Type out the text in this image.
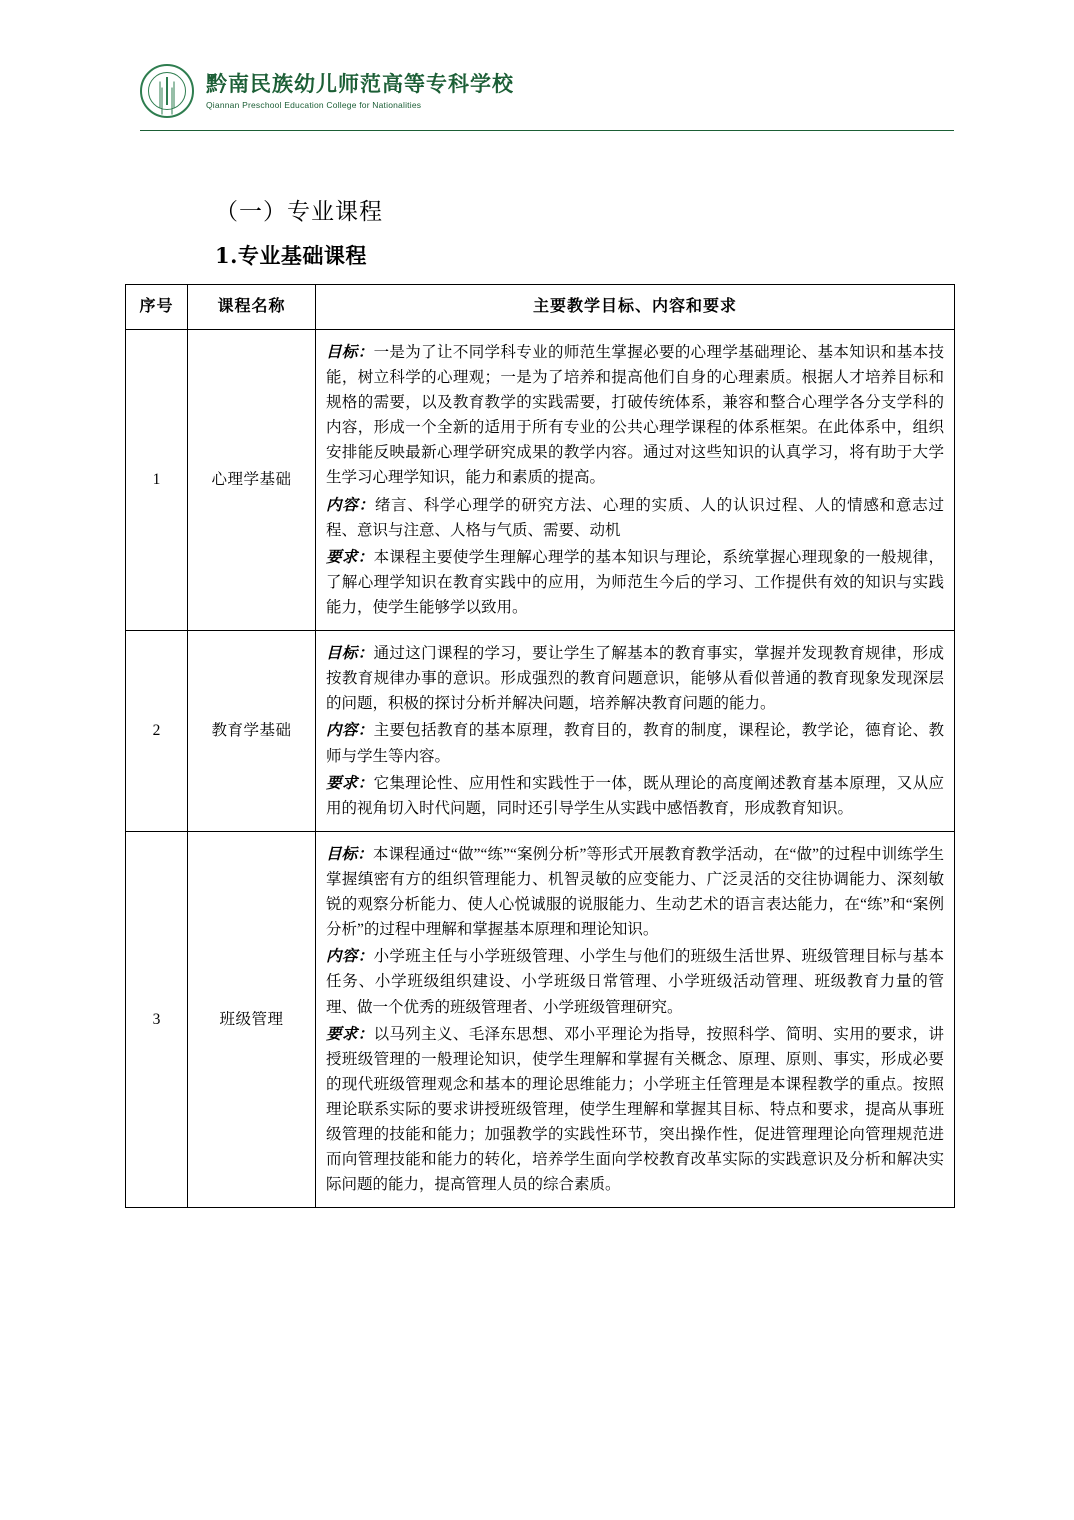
黔南民族幼儿师范高等专科学校
Qiannan Preschool Education College for Nationalities
（一）专业课程
1.专业基础课程
序号	课程名称	主要教学目标、内容和要求
1	心理学基础	目标：一是为了让不同学科专业的师范生掌握必要的心理学基础理论、基本知识和基本技能，树立科学的心理观；一是为了培养和提高他们自身的心理素质。根据人才培养目标和规格的需要，以及教育教学的实践需要，打破传统体系，兼容和整合心理学各分支学科的内容，形成一个全新的适用于所有专业的公共心理学课程的体系框架。在此体系中，组织安排能反映最新心理学研究成果的教学内容。通过对这些知识的认真学习，将有助于大学生学习心理学知识，能力和素质的提高。

内容：绪言、科学心理学的研究方法、心理的实质、人的认识过程、人的情感和意志过程、意识与注意、人格与气质、需要、动机

要求：本课程主要使学生理解心理学的基本知识与理论，系统掌握心理现象的一般规律，了解心理学知识在教育实践中的应用，为师范生今后的学习、工作提供有效的知识与实践能力，使学生能够学以致用。

2	教育学基础	目标：通过这门课程的学习，要让学生了解基本的教育事实，掌握并发现教育规律，形成按教育规律办事的意识。形成强烈的教育问题意识，能够从看似普通的教育现象发现深层的问题，积极的探讨分析并解决问题，培养解决教育问题的能力。

内容：主要包括教育的基本原理，教育目的，教育的制度，课程论，教学论，德育论、教师与学生等内容。

要求：它集理论性、应用性和实践性于一体，既从理论的高度阐述教育基本原理，又从应用的视角切入时代问题，同时还引导学生从实践中感悟教育，形成教育知识。

3	班级管理	目标：本课程通过“做”“练”“案例分析”等形式开展教育教学活动，在“做”的过程中训练学生掌握缜密有方的组织管理能力、机智灵敏的应变能力、广泛灵活的交往协调能力、深刻敏锐的观察分析能力、使人心悦诚服的说服能力、生动艺术的语言表达能力，在“练”和“案例分析”的过程中理解和掌握基本原理和理论知识。

内容：小学班主任与小学班级管理、小学生与他们的班级生活世界、班级管理目标与基本任务、小学班级组织建设、小学班级日常管理、小学班级活动管理、班级教育力量的管理、做一个优秀的班级管理者、小学班级管理研究。

要求：以马列主义、毛泽东思想、邓小平理论为指导，按照科学、简明、实用的要求，讲授班级管理的一般理论知识，使学生理解和掌握有关概念、原理、原则、事实，形成必要的现代班级管理观念和基本的理论思维能力；小学班主任管理是本课程教学的重点。按照理论联系实际的要求讲授班级管理，使学生理解和掌握其目标、特点和要求，提高从事班级管理的技能和能力；加强教学的实践性环节，突出操作性，促进管理理论向管理规范进而向管理技能和能力的转化，培养学生面向学校教育改革实际的实践意识及分析和解决实际问题的能力，提高管理人员的综合素质。
